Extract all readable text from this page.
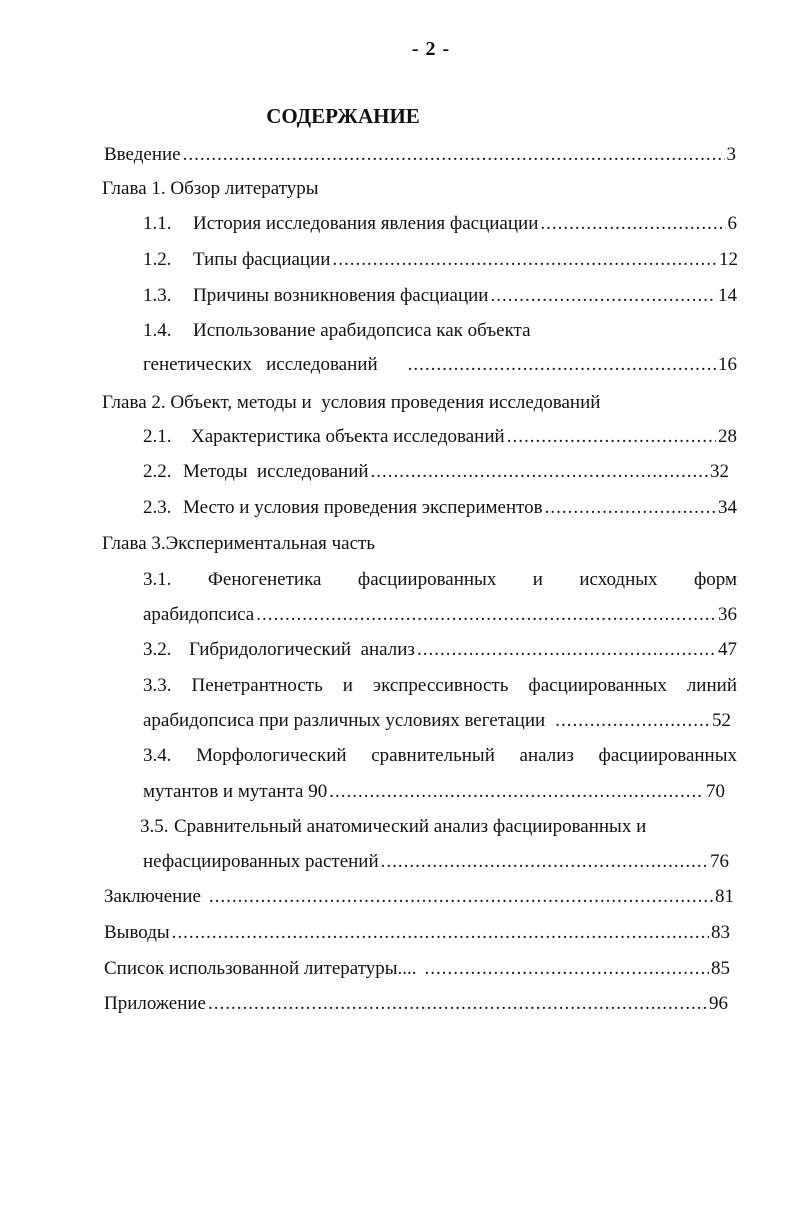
- 2 -
СОДЕРЖАНИЕ
Введение .....	3
Глава 1. Обзор литературы
1.1.	История исследования явления фасциации .....	6
1.2.	Типы фасциации .....	12
1.3.	Причины возникновения фасциации .....	14
1.4. Использование арабидопсиса как объекта
генетических   исследований .....	16
Глава 2. Объект, методы и  условия проведения исследований
2.1.	Характеристика объекта исследований .....	28
2.2. Методы  исследований .....	32
2.3. Место и условия проведения экспериментов .....	34
Глава 3.Экспериментальная часть
3.1. Феногенетика фасциированных и исходных форм
арабидопсиса .....	36
3.2. Гибридологический  анализ .....	47
3.3. Пенетрантность и экспрессивность фасциированных линий
арабидопсиса при различных условиях вегетации .....	52
3.4. Морфологический сравнительный анализ фасциированных
мутантов и мутанта 90 .....	70
3.5. Сравнительный анатомический анализ фасциированных и
нефасциированных растений .....	76
Заключение .....	81
Выводы .....	83
Список использованной литературы.... .....	85
Приложение .....	96
